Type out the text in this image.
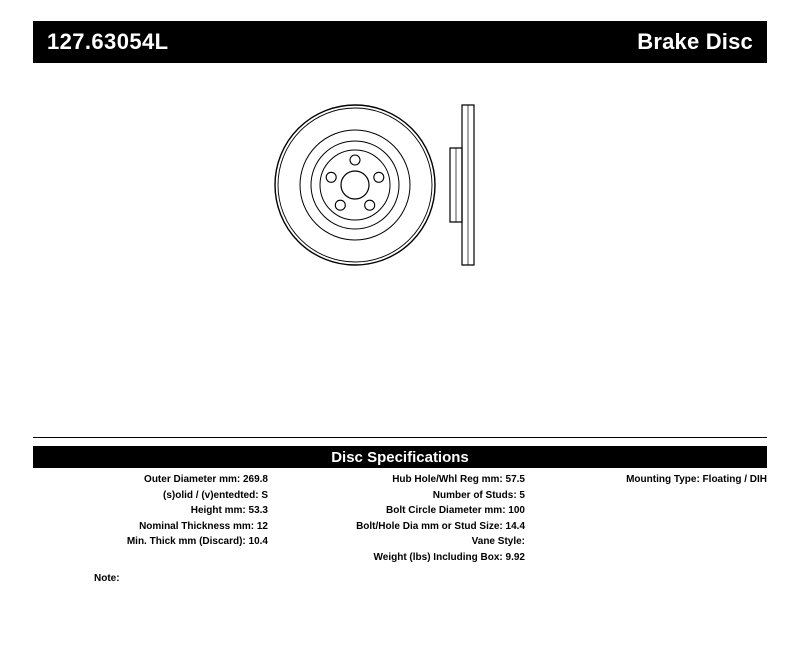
127.63054L	Brake Disc
Disc Specifications
Outer Diameter mm: 269.8
(s)olid / (v)entedted: S
Height mm: 53.3
Nominal Thickness mm: 12
Min. Thick mm (Discard): 10.4
Hub Hole/Whl Reg mm: 57.5
Number of Studs: 5
Bolt Circle Diameter mm: 100
Bolt/Hole Dia mm or Stud Size: 14.4
Vane Style:
Weight (lbs) Including Box: 9.92
Mounting Type: Floating / DIH
Note:
